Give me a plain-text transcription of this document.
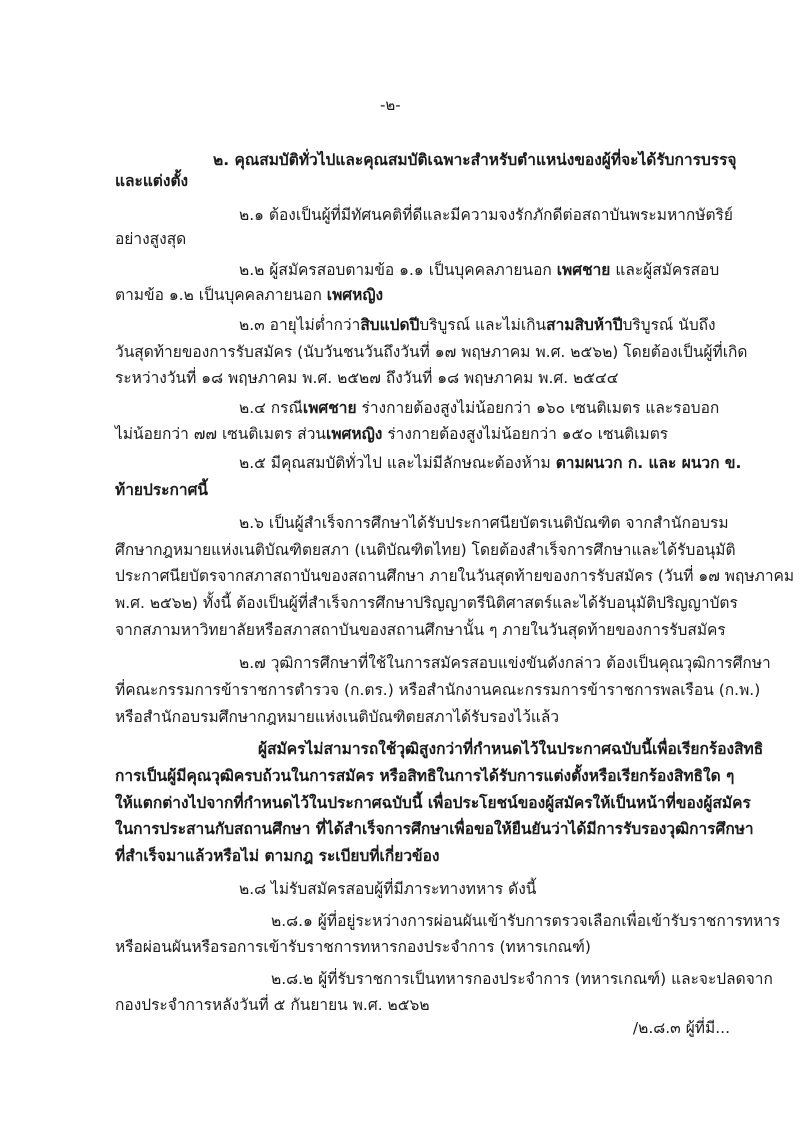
-๒-
๒. คุณสมบัติทั่วไปและคุณสมบัติเฉพาะสำหรับตำแหน่งของผู้ที่จะได้รับการบรรจุ
และแต่งตั้ง
๒.๑ ต้องเป็นผู้ที่มีทัศนคติที่ดีและมีความจงรักภักดีต่อสถาบันพระมหากษัตริย์
อย่างสูงสุด
๒.๒ ผู้สมัครสอบตามข้อ ๑.๑ เป็นบุคคลภายนอก เพศชาย และผู้สมัครสอบ
ตามข้อ ๑.๒ เป็นบุคคลภายนอก เพศหญิง
๒.๓ อายุไม่ต่ำกว่าสิบแปดปีบริบูรณ์ และไม่เกินสามสิบห้าปีบริบูรณ์ นับถึง
วันสุดท้ายของการรับสมัคร (นับวันชนวันถึงวันที่ ๑๗ พฤษภาคม พ.ศ. ๒๕๖๒) โดยต้องเป็นผู้ที่เกิด
ระหว่างวันที่ ๑๘ พฤษภาคม พ.ศ. ๒๕๒๗ ถึงวันที่ ๑๘ พฤษภาคม พ.ศ. ๒๕๔๔
๒.๔ กรณีเพศชาย ร่างกายต้องสูงไม่น้อยกว่า ๑๖๐ เซนติเมตร และรอบอก
ไม่น้อยกว่า ๗๗ เซนติเมตร ส่วนเพศหญิง ร่างกายต้องสูงไม่น้อยกว่า ๑๕๐ เซนติเมตร
๒.๕ มีคุณสมบัติทั่วไป และไม่มีลักษณะต้องห้าม ตามผนวก ก. และ ผนวก ข.
ท้ายประกาศนี้
๒.๖ เป็นผู้สำเร็จการศึกษาได้รับประกาศนียบัตรเนติบัณฑิต จากสำนักอบรม
ศึกษากฎหมายแห่งเนติบัณฑิตยสภา (เนติบัณฑิตไทย) โดยต้องสำเร็จการศึกษาและได้รับอนุมัติ
ประกาศนียบัตรจากสภาสถาบันของสถานศึกษา ภายในวันสุดท้ายของการรับสมัคร (วันที่ ๑๗ พฤษภาคม
พ.ศ. ๒๕๖๒) ทั้งนี้ ต้องเป็นผู้ที่สำเร็จการศึกษาปริญญาตรีนิติศาสตร์และได้รับอนุมัติปริญญาบัตร
จากสภามหาวิทยาลัยหรือสภาสถาบันของสถานศึกษานั้น ๆ ภายในวันสุดท้ายของการรับสมัคร
๒.๗ วุฒิการศึกษาที่ใช้ในการสมัครสอบแข่งขันดังกล่าว ต้องเป็นคุณวุฒิการศึกษา
ที่คณะกรรมการข้าราชการตำรวจ (ก.ตร.) หรือสำนักงานคณะกรรมการข้าราชการพลเรือน (ก.พ.)
หรือสำนักอบรมศึกษากฎหมายแห่งเนติบัณฑิตยสภาได้รับรองไว้แล้ว
ผู้สมัครไม่สามารถใช้วุฒิสูงกว่าที่กำหนดไว้ในประกาศฉบับนี้เพื่อเรียกร้องสิทธิ
การเป็นผู้มีคุณวุฒิครบถ้วนในการสมัคร หรือสิทธิในการได้รับการแต่งตั้งหรือเรียกร้องสิทธิใด ๆ
ให้แตกต่างไปจากที่กำหนดไว้ในประกาศฉบับนี้ เพื่อประโยชน์ของผู้สมัครให้เป็นหน้าที่ของผู้สมัคร
ในการประสานกับสถานศึกษา ที่ได้สำเร็จการศึกษาเพื่อขอให้ยืนยันว่าได้มีการรับรองวุฒิการศึกษา
ที่สำเร็จมาแล้วหรือไม่ ตามกฎ ระเบียบที่เกี่ยวข้อง
๒.๘ ไม่รับสมัครสอบผู้ที่มีภาระทางทหาร ดังนี้
๒.๘.๑ ผู้ที่อยู่ระหว่างการผ่อนผันเข้ารับการตรวจเลือกเพื่อเข้ารับราชการทหาร
หรือผ่อนผันหรือรอการเข้ารับราชการทหารกองประจำการ (ทหารเกณฑ์)
๒.๘.๒ ผู้ที่รับราชการเป็นทหารกองประจำการ (ทหารเกณฑ์) และจะปลดจาก
กองประจำการหลังวันที่ ๕ กันยายน พ.ศ. ๒๕๖๒
/๒.๘.๓ ผู้ที่มี...
